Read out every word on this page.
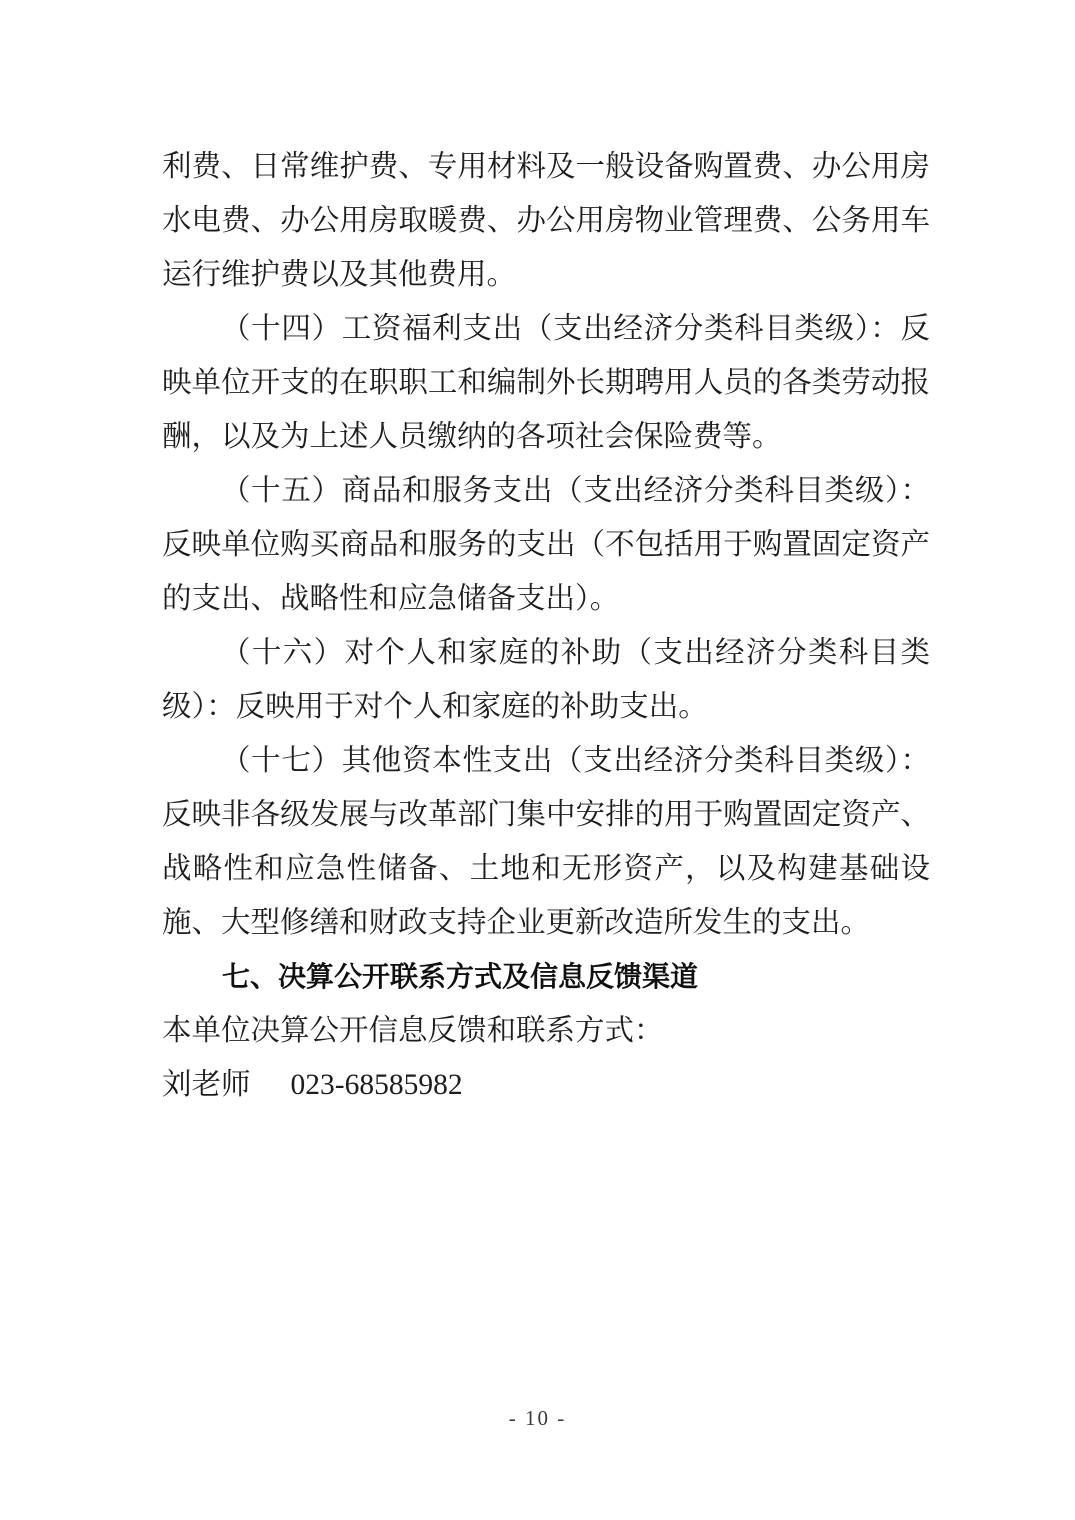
利费、日常维护费、专用材料及一般设备购置费、办公用房水电费、办公用房取暖费、办公用房物业管理费、公务用车运行维护费以及其他费用。

（十四）工资福利支出（支出经济分类科目类级）：反映单位开支的在职职工和编制外长期聘用人员的各类劳动报酬，以及为上述人员缴纳的各项社会保险费等。

（十五）商品和服务支出（支出经济分类科目类级）：反映单位购买商品和服务的支出（不包括用于购置固定资产的支出、战略性和应急储备支出）。

（十六）对个人和家庭的补助（支出经济分类科目类级）：反映用于对个人和家庭的补助支出。

（十七）其他资本性支出（支出经济分类科目类级）：反映非各级发展与改革部门集中安排的用于购置固定资产、战略性和应急性储备、土地和无形资产，以及构建基础设施、大型修缮和财政支持企业更新改造所发生的支出。

七、决算公开联系方式及信息反馈渠道

本单位决算公开信息反馈和联系方式：

刘老师 023-68585982

- 10 -
